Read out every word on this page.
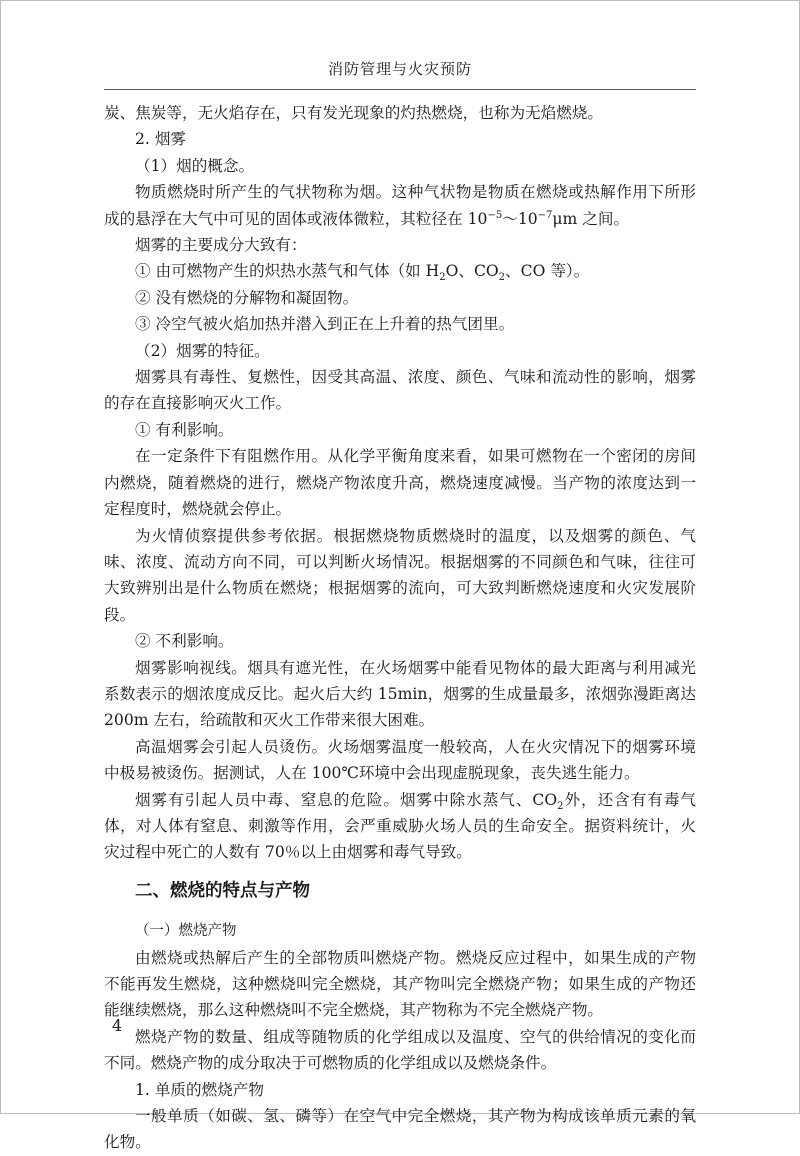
消防管理与火灾预防

炭、焦炭等，无火焰存在，只有发光现象的灼热燃烧，也称为无焰燃烧。

2. 烟雾

（1）烟的概念。

物质燃烧时所产生的气状物称为烟。这种气状物是物质在燃烧或热解作用下所形成的悬浮在大气中可见的固体或液体微粒，其粒径在 $10^{-5}\sim 10^{-7}\mu m$ 之间。

烟雾的主要成分大致有：

① 由可燃物产生的炽热水蒸气和气体（如 $H_2O$、$CO_2$、CO 等）。

② 没有燃烧的分解物和凝固物。

③ 冷空气被火焰加热并潜入到正在上升着的热气团里。

（2）烟雾的特征。

烟雾具有毒性、复燃性，因受其高温、浓度、颜色、气味和流动性的影响，烟雾的存在直接影响灭火工作。

① 有利影响。

在一定条件下有阻燃作用。从化学平衡角度来看，如果可燃物在一个密闭的房间内燃烧，随着燃烧的进行，燃烧产物浓度升高，燃烧速度减慢。当产物的浓度达到一定程度时，燃烧就会停止。

为火情侦察提供参考依据。根据燃烧物质燃烧时的温度，以及烟雾的颜色、气味、浓度、流动方向不同，可以判断火场情况。根据烟雾的不同颜色和气味，往往可大致辨别出是什么物质在燃烧；根据烟雾的流向，可大致判断燃烧速度和火灾发展阶段。

② 不利影响。

烟雾影响视线。烟具有遮光性，在火场烟雾中能看见物体的最大距离与利用减光系数表示的烟浓度成反比。起火后大约 15min，烟雾的生成量最多，浓烟弥漫距离达 200m 左右，给疏散和灭火工作带来很大困难。

高温烟雾会引起人员烫伤。火场烟雾温度一般较高，人在火灾情况下的烟雾环境中极易被烫伤。据测试，人在 100℃环境中会出现虚脱现象，丧失逃生能力。

烟雾有引起人员中毒、窒息的危险。烟雾中除水蒸气、$CO_2$外，还含有有毒气体，对人体有窒息、刺激等作用，会严重威胁火场人员的生命安全。据资料统计，火灾过程中死亡的人数有 70％以上由烟雾和毒气导致。

二、燃烧的特点与产物

（一）燃烧产物

由燃烧或热解后产生的全部物质叫燃烧产物。燃烧反应过程中，如果生成的产物不能再发生燃烧，这种燃烧叫完全燃烧，其产物叫完全燃烧产物；如果生成的产物还能继续燃烧，那么这种燃烧叫不完全燃烧，其产物称为不完全燃烧产物。

燃烧产物的数量、组成等随物质的化学组成以及温度、空气的供给情况的变化而不同。燃烧产物的成分取决于可燃物质的化学组成以及燃烧条件。

1. 单质的燃烧产物

一般单质（如碳、氢、磷等）在空气中完全燃烧，其产物为构成该单质元素的氧化物。

4
